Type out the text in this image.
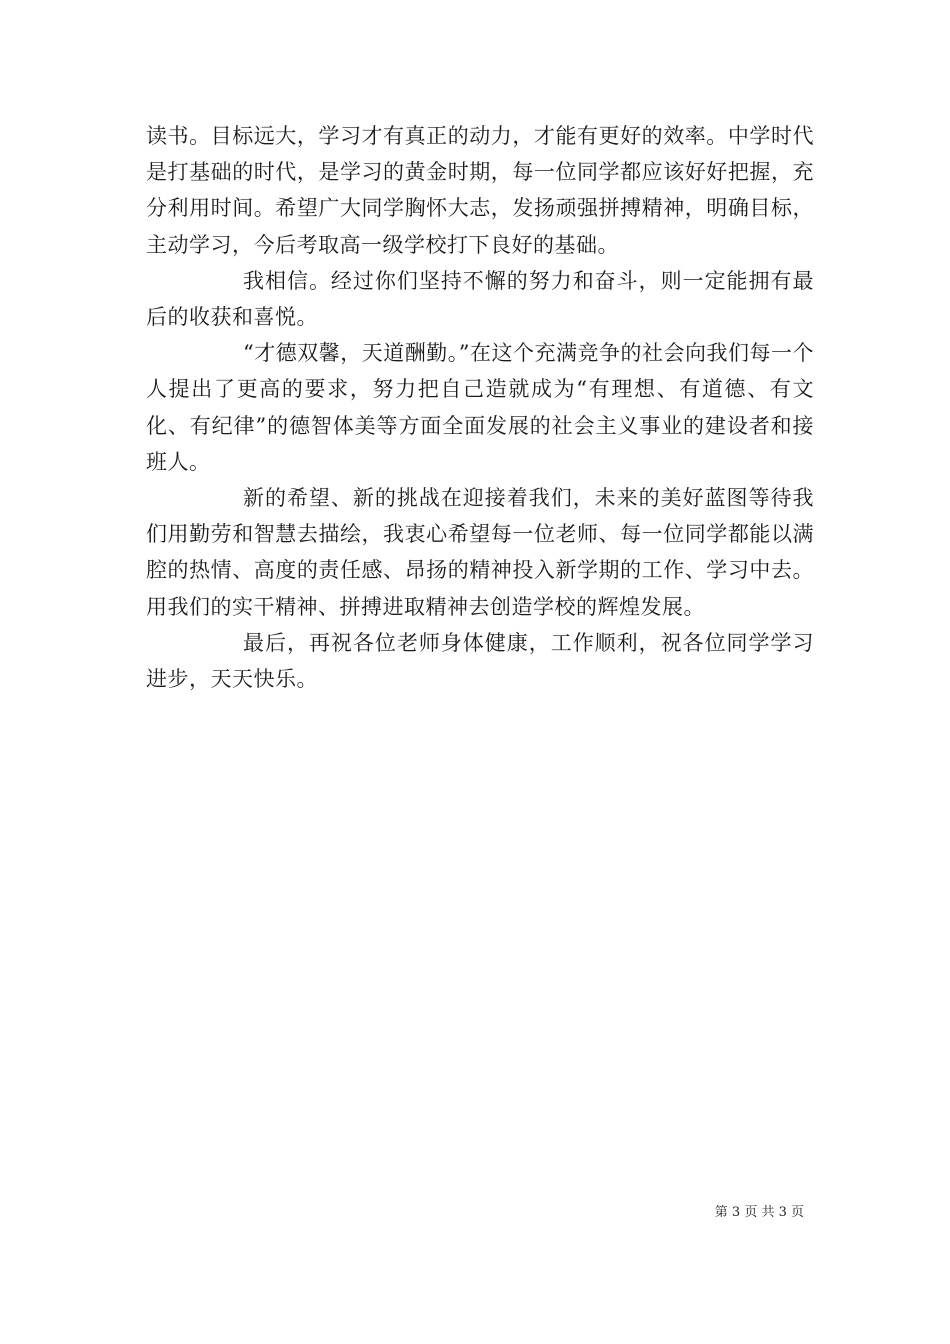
读书。目标远大，学习才有真正的动力，才能有更好的效率。中学时代是打基础的时代，是学习的黄金时期，每一位同学都应该好好把握，充分利用时间。希望广大同学胸怀大志，发扬顽强拼搏精神，明确目标，主动学习，今后考取高一级学校打下良好的基础。

我相信。经过你们坚持不懈的努力和奋斗，则一定能拥有最后的收获和喜悦。

“才德双馨，天道酬勤。”在这个充满竞争的社会向我们每一个人提出了更高的要求，努力把自己造就成为“有理想、有道德、有文化、有纪律”的德智体美等方面全面发展的社会主义事业的建设者和接班人。

新的希望、新的挑战在迎接着我们，未来的美好蓝图等待我们用勤劳和智慧去描绘，我衷心希望每一位老师、每一位同学都能以满腔的热情、高度的责任感、昂扬的精神投入新学期的工作、学习中去。用我们的实干精神、拼搏进取精神去创造学校的辉煌发展。

最后，再祝各位老师身体健康，工作顺利，祝各位同学学习进步，天天快乐。

第 3 页 共 3 页
